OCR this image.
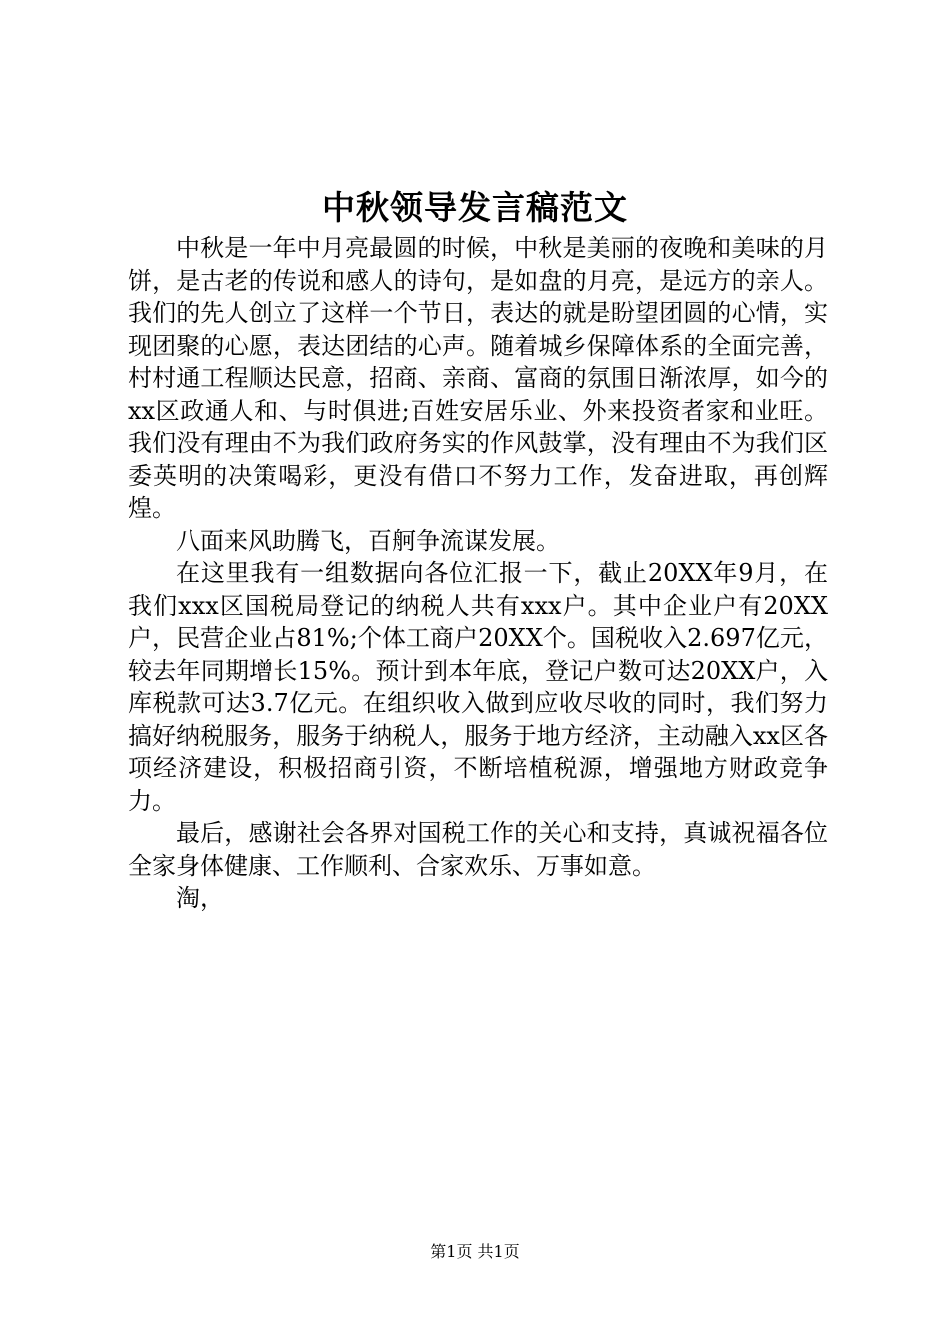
中秋领导发言稿范文

中秋是一年中月亮最圆的时候，中秋是美丽的夜晚和美味的月饼，是古老的传说和感人的诗句，是如盘的月亮，是远方的亲人。我们的先人创立了这样一个节日，表达的就是盼望团圆的心情，实现团聚的心愿，表达团结的心声。随着城乡保障体系的全面完善，村村通工程顺达民意，招商、亲商、富商的氛围日渐浓厚，如今的xx区政通人和、与时俱进;百姓安居乐业、外来投资者家和业旺。我们没有理由不为我们政府务实的作风鼓掌，没有理由不为我们区委英明的决策喝彩，更没有借口不努力工作，发奋进取，再创辉煌。

八面来风助腾飞，百舸争流谋发展。

在这里我有一组数据向各位汇报一下，截止20XX年9月，在我们xxx区国税局登记的纳税人共有xxx户。其中企业户有20XX户，民营企业占81%;个体工商户20XX个。国税收入2.697亿元，较去年同期增长15%。预计到本年底，登记户数可达20XX户，入库税款可达3.7亿元。在组织收入做到应收尽收的同时，我们努力搞好纳税服务，服务于纳税人，服务于地方经济，主动融入xx区各项经济建设，积极招商引资，不断培植税源，增强地方财政竞争力。

最后，感谢社会各界对国税工作的关心和支持，真诚祝福各位全家身体健康、工作顺利、合家欢乐、万事如意。

淘，

第1页 共1页
